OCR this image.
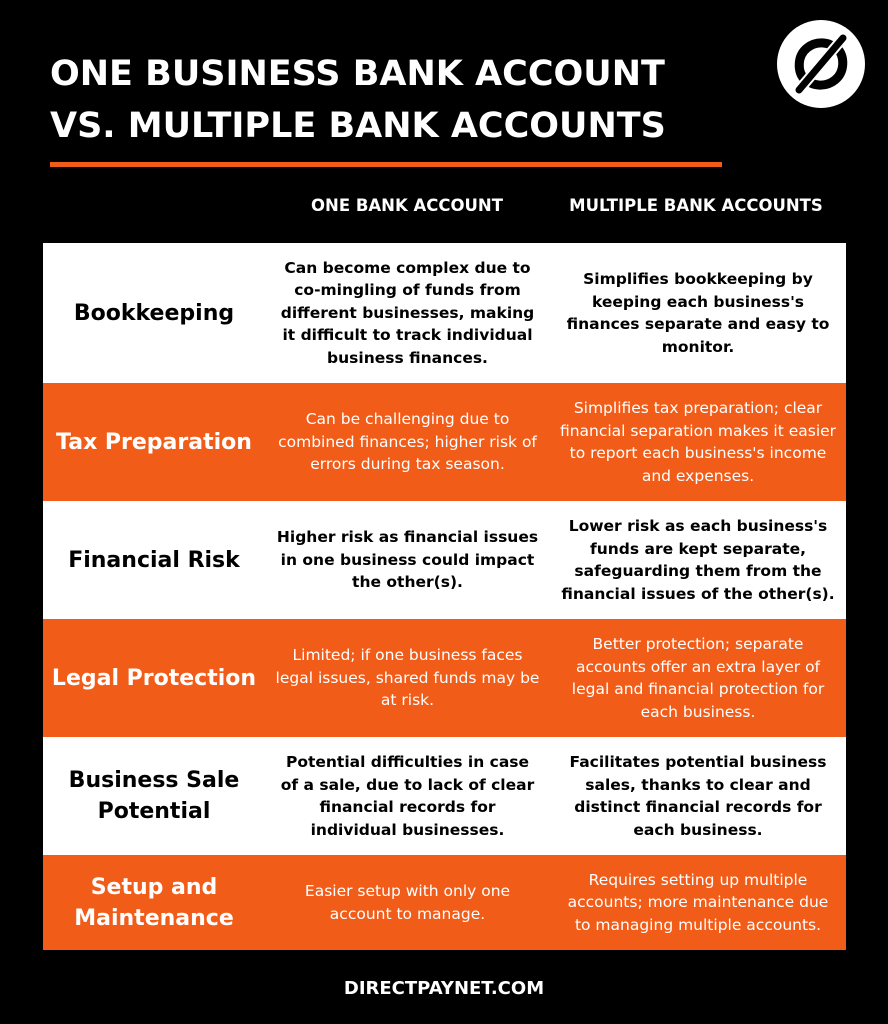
ONE BUSINESS BANK ACCOUNT
VS. MULTIPLE BANK ACCOUNTS
ONE BANK ACCOUNT	MULTIPLE BANK ACCOUNTS
Bookkeeping
Can become complex due to co-mingling of funds from different businesses, making it difficult to track individual business finances.
Simplifies bookkeeping by keeping each business's finances separate and easy to monitor.
Tax Preparation
Can be challenging due to combined finances; higher risk of errors during tax season.
Simplifies tax preparation; clear financial separation makes it easier to report each business's income and expenses.
Financial Risk
Higher risk as financial issues in one business could impact the other(s).
Lower risk as each business's funds are kept separate, safeguarding them from the financial issues of the other(s).
Legal Protection
Limited; if one business faces legal issues, shared funds may be at risk.
Better protection; separate accounts offer an extra layer of legal and financial protection for each business.
Business Sale Potential
Potential difficulties in case of a sale, due to lack of clear financial records for individual businesses.
Facilitates potential business sales, thanks to clear and distinct financial records for each business.
Setup and Maintenance
Easier setup with only one account to manage.
Requires setting up multiple accounts; more maintenance due to managing multiple accounts.
DIRECTPAYNET.COM
